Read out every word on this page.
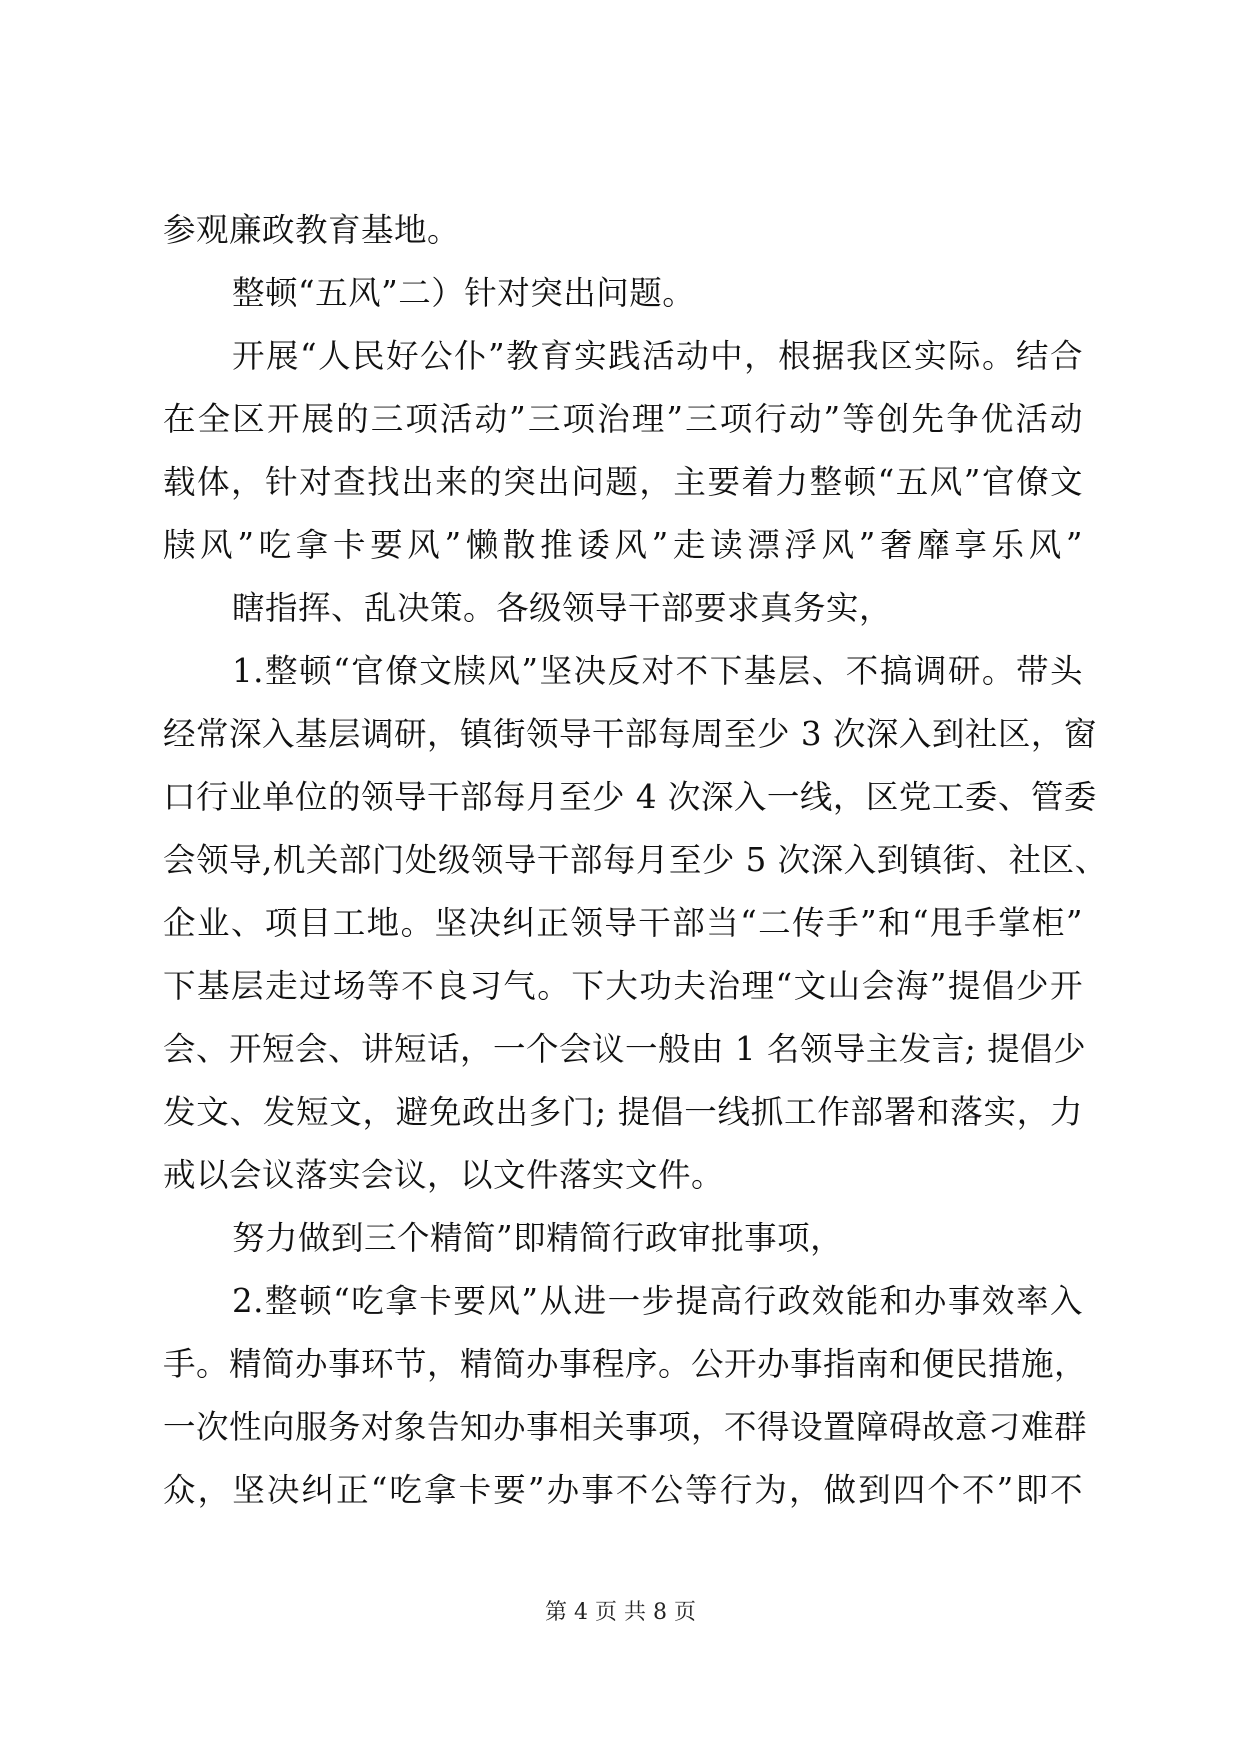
参观廉政教育基地。
整顿“五风”二）针对突出问题。
开展“人民好公仆”教育实践活动中，根据我区实际。结合
在全区开展的三项活动”三项治理”三项行动”等创先争优活动
载体，针对查找出来的突出问题，主要着力整顿“五风”官僚文
牍风”吃拿卡要风”懒散推诿风”走读漂浮风”奢靡享乐风”
瞎指挥、乱决策。各级领导干部要求真务实，
1.整顿“官僚文牍风”坚决反对不下基层、不搞调研。带头
经常深入基层调研，镇街领导干部每周至少 3 次深入到社区，窗
口行业单位的领导干部每月至少 4 次深入一线，区党工委、管委
会领导,机关部门处级领导干部每月至少 5 次深入到镇街、社区、
企业、项目工地。坚决纠正领导干部当“二传手”和“甩手掌柜”
下基层走过场等不良习气。下大功夫治理“文山会海”提倡少开
会、开短会、讲短话，一个会议一般由 1 名领导主发言; 提倡少
发文、发短文，避免政出多门; 提倡一线抓工作部署和落实，力
戒以会议落实会议，以文件落实文件。
努力做到三个精简”即精简行政审批事项，
2.整顿“吃拿卡要风”从进一步提高行政效能和办事效率入
手。精简办事环节，精简办事程序。公开办事指南和便民措施，
一次性向服务对象告知办事相关事项，不得设置障碍故意刁难群
众，坚决纠正“吃拿卡要”办事不公等行为，做到四个不”即不
第 4 页 共 8 页
